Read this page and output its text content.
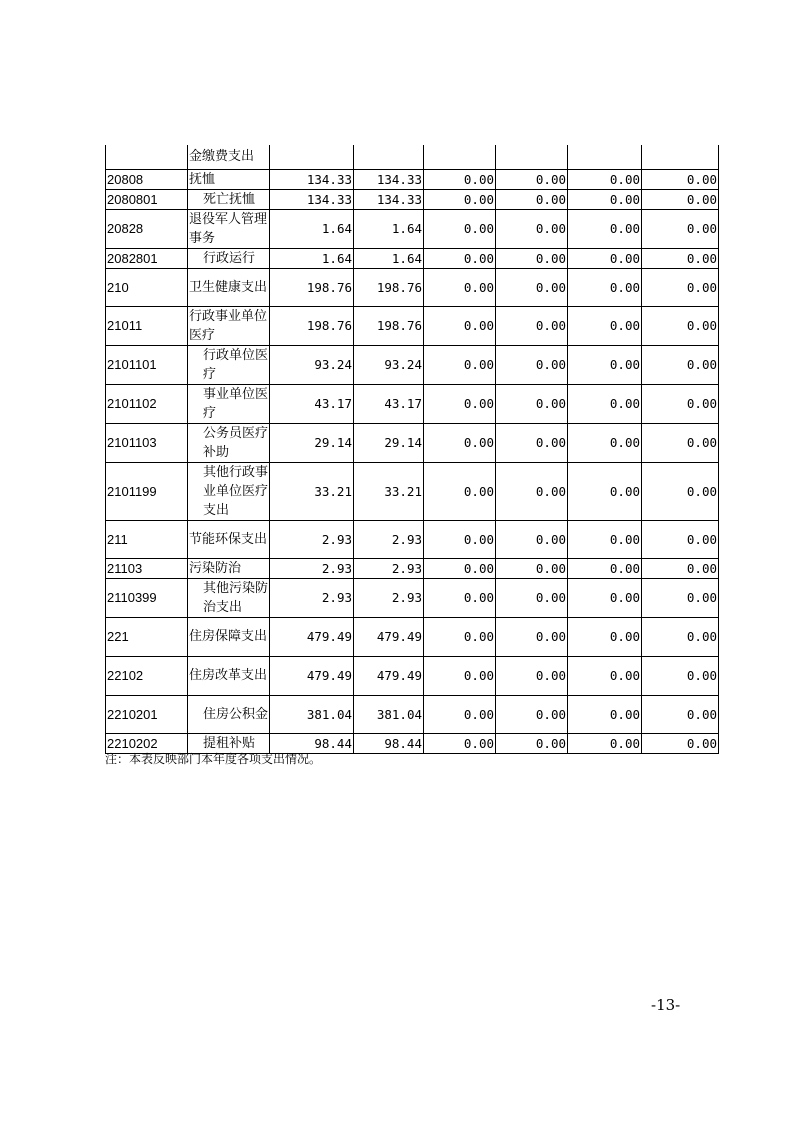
	金缴费支出						
20808	抚恤	134.33	134.33	0.00	0.00	0.00	0.00
2080801	死亡抚恤	134.33	134.33	0.00	0.00	0.00	0.00
20828	退役军人管理事务	1.64	1.64	0.00	0.00	0.00	0.00
2082801	行政运行	1.64	1.64	0.00	0.00	0.00	0.00
210	卫生健康支出	198.76	198.76	0.00	0.00	0.00	0.00
21011	行政事业单位医疗	198.76	198.76	0.00	0.00	0.00	0.00
2101101	行政单位医疗	93.24	93.24	0.00	0.00	0.00	0.00
2101102	事业单位医疗	43.17	43.17	0.00	0.00	0.00	0.00
2101103	公务员医疗补助	29.14	29.14	0.00	0.00	0.00	0.00
2101199	其他行政事业单位医疗支出	33.21	33.21	0.00	0.00	0.00	0.00
211	节能环保支出	2.93	2.93	0.00	0.00	0.00	0.00
21103	污染防治	2.93	2.93	0.00	0.00	0.00	0.00
2110399	其他污染防治支出	2.93	2.93	0.00	0.00	0.00	0.00
221	住房保障支出	479.49	479.49	0.00	0.00	0.00	0.00
22102	住房改革支出	479.49	479.49	0.00	0.00	0.00	0.00
2210201	住房公积金	381.04	381.04	0.00	0.00	0.00	0.00
2210202	提租补贴	98.44	98.44	0.00	0.00	0.00	0.00
注：本表反映部门本年度各项支出情况。
-13-
